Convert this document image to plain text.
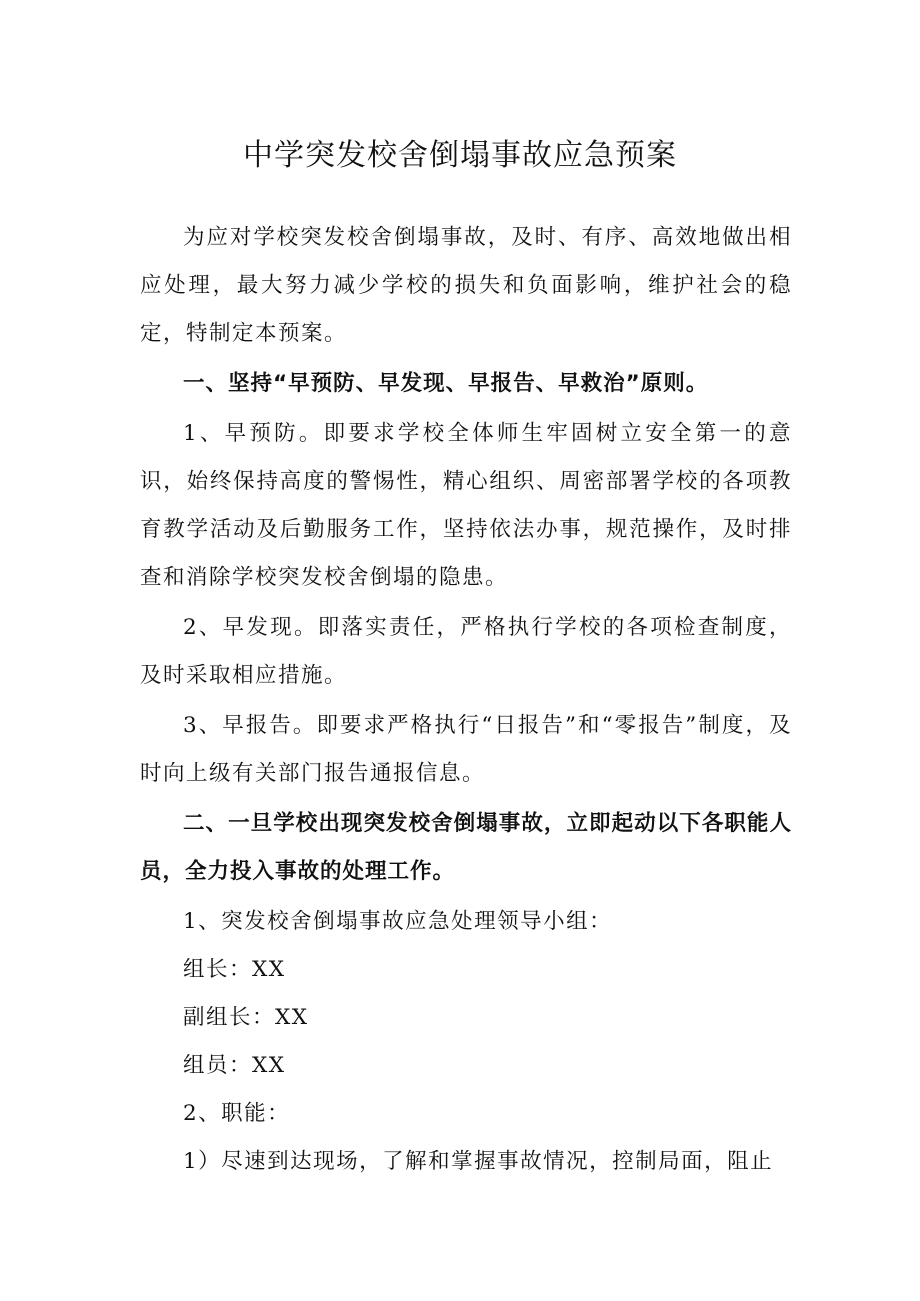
中学突发校舍倒塌事故应急预案

为应对学校突发校舍倒塌事故，及时、有序、高效地做出相应处理，最大努力减少学校的损失和负面影响，维护社会的稳定，特制定本预案。

一、坚持“早预防、早发现、早报告、早救治”原则。

1、早预防。即要求学校全体师生牢固树立安全第一的意识，始终保持高度的警惕性，精心组织、周密部署学校的各项教育教学活动及后勤服务工作，坚持依法办事，规范操作，及时排查和消除学校突发校舍倒塌的隐患。

2、早发现。即落实责任，严格执行学校的各项检查制度，及时采取相应措施。

3、早报告。即要求严格执行“日报告”和“零报告”制度，及时向上级有关部门报告通报信息。

二、一旦学校出现突发校舍倒塌事故，立即起动以下各职能人员，全力投入事故的处理工作。

1、突发校舍倒塌事故应急处理领导小组：

组长：XX

副组长：XX

组员：XX

2、职能：

1）尽速到达现场，了解和掌握事故情况，控制局面，阻止
